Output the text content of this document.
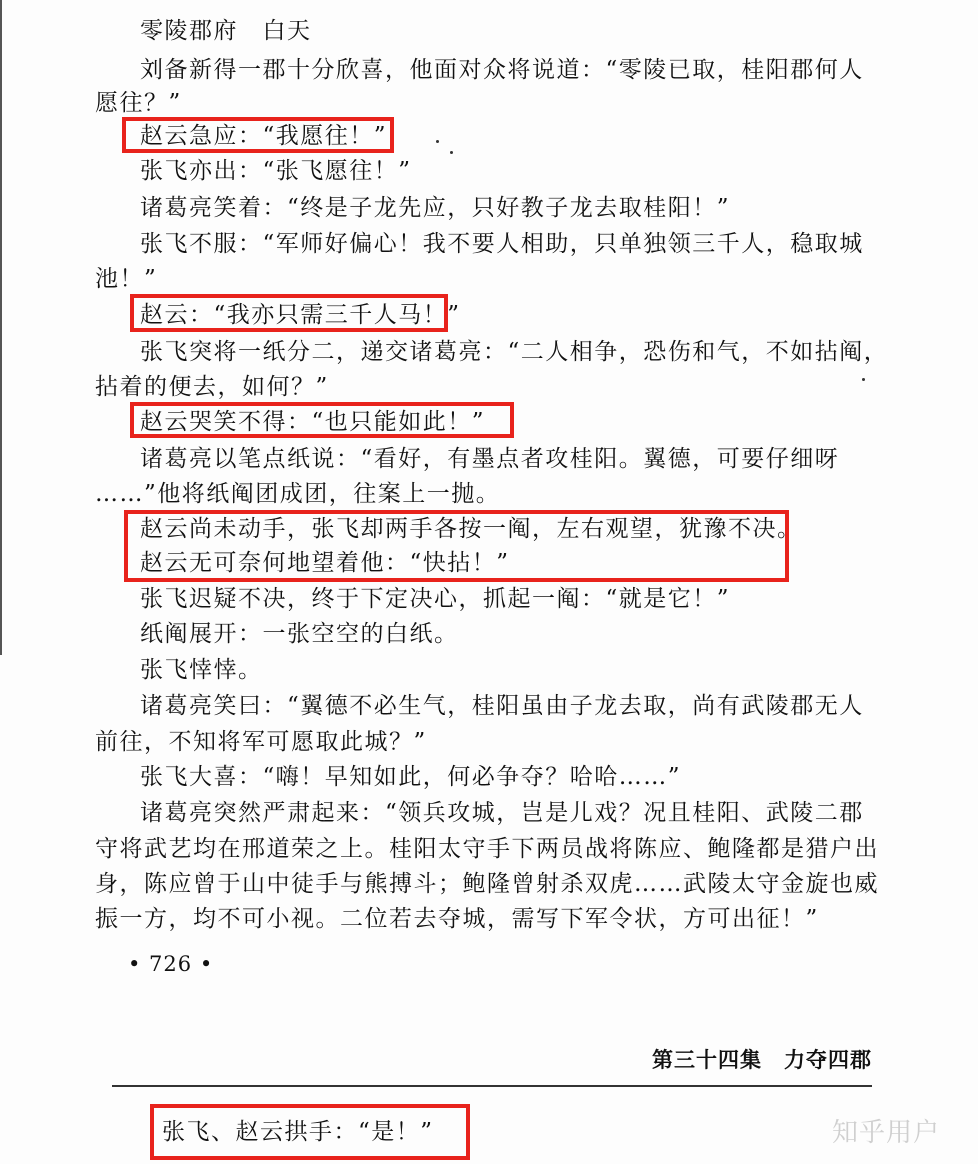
零陵郡府　白天
刘备新得一郡十分欣喜，他面对众将说道：“零陵已取，桂阳郡何人
愿往？”
赵云急应：“我愿往！”
张飞亦出：“张飞愿往！”
诸葛亮笑着：“终是子龙先应，只好教子龙去取桂阳！”
张飞不服：“军师好偏心！我不要人相助，只单独领三千人，稳取城
池！”
赵云：“我亦只需三千人马！”
张飞突将一纸分二，递交诸葛亮：“二人相争，恐伤和气，不如拈阄，
拈着的便去，如何？”
赵云哭笑不得：“也只能如此！”
诸葛亮以笔点纸说：“看好，有墨点者攻桂阳。翼德，可要仔细呀
……”他将纸阄团成团，往案上一抛。
赵云尚未动手，张飞却两手各按一阄，左右观望，犹豫不决。
赵云无可奈何地望着他：“快拈！”
张飞迟疑不决，终于下定决心，抓起一阄：“就是它！”
纸阄展开：一张空空的白纸。
张飞悻悻。
诸葛亮笑曰：“翼德不必生气，桂阳虽由子龙去取，尚有武陵郡无人
前往，不知将军可愿取此城？”
张飞大喜：“嗨！早知如此，何必争夺？哈哈……”
诸葛亮突然严肃起来：“领兵攻城，岂是儿戏？况且桂阳、武陵二郡
守将武艺均在邢道荣之上。桂阳太守手下两员战将陈应、鲍隆都是猎户出
身，陈应曾于山中徒手与熊搏斗；鲍隆曾射杀双虎……武陵太守金旋也威
振一方，均不可小视。二位若去夺城，需写下军令状，方可出征！”
• 726 •
第三十四集　力夺四郡
张飞、赵云拱手：“是！”	知乎用户
